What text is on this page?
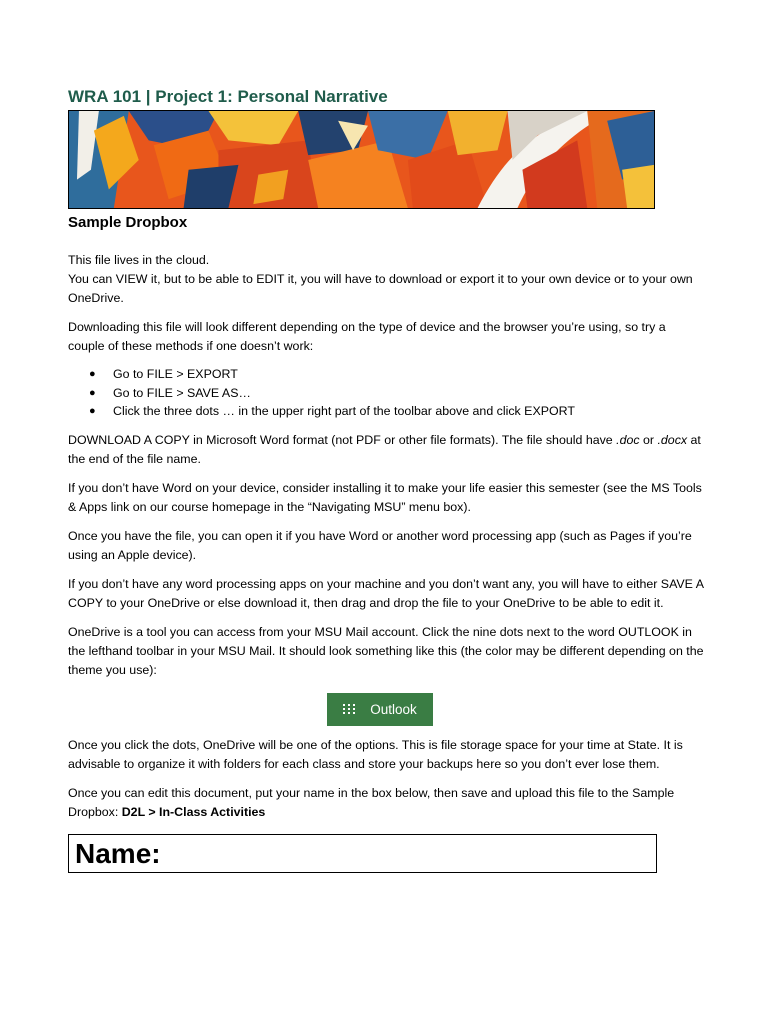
WRA 101 | Project 1: Personal Narrative
Sample Dropbox

This file lives in the cloud.

You can VIEW it, but to be able to EDIT it, you will have to download or export it to your own device or to your own OneDrive.

Downloading this file will look different depending on the type of device and the browser you’re using, so try a couple of these methods if one doesn’t work:

● Go to FILE > EXPORT
● Go to FILE > SAVE AS…
● Click the three dots … in the upper right part of the toolbar above and click EXPORT

DOWNLOAD A COPY in Microsoft Word format (not PDF or other file formats). The file should have .doc or .docx at the end of the file name.

If you don’t have Word on your device, consider installing it to make your life easier this semester (see the MS Tools & Apps link on our course homepage in the “Navigating MSU” menu box).

Once you have the file, you can open it if you have Word or another word processing app (such as Pages if you’re using an Apple device).

If you don’t have any word processing apps on your machine and you don’t want any, you will have to either SAVE A COPY to your OneDrive or else download it, then drag and drop the file to your OneDrive to be able to edit it.

OneDrive is a tool you can access from your MSU Mail account. Click the nine dots next to the word OUTLOOK in the lefthand toolbar in your MSU Mail. It should look something like this (the color may be different depending on the theme you use):

Outlook

Once you click the dots, OneDrive will be one of the options. This is file storage space for your time at State. It is advisable to organize it with folders for each class and store your backups here so you don’t ever lose them.

Once you can edit this document, put your name in the box below, then save and upload this file to the Sample Dropbox: D2L > In-Class Activities

Name:
